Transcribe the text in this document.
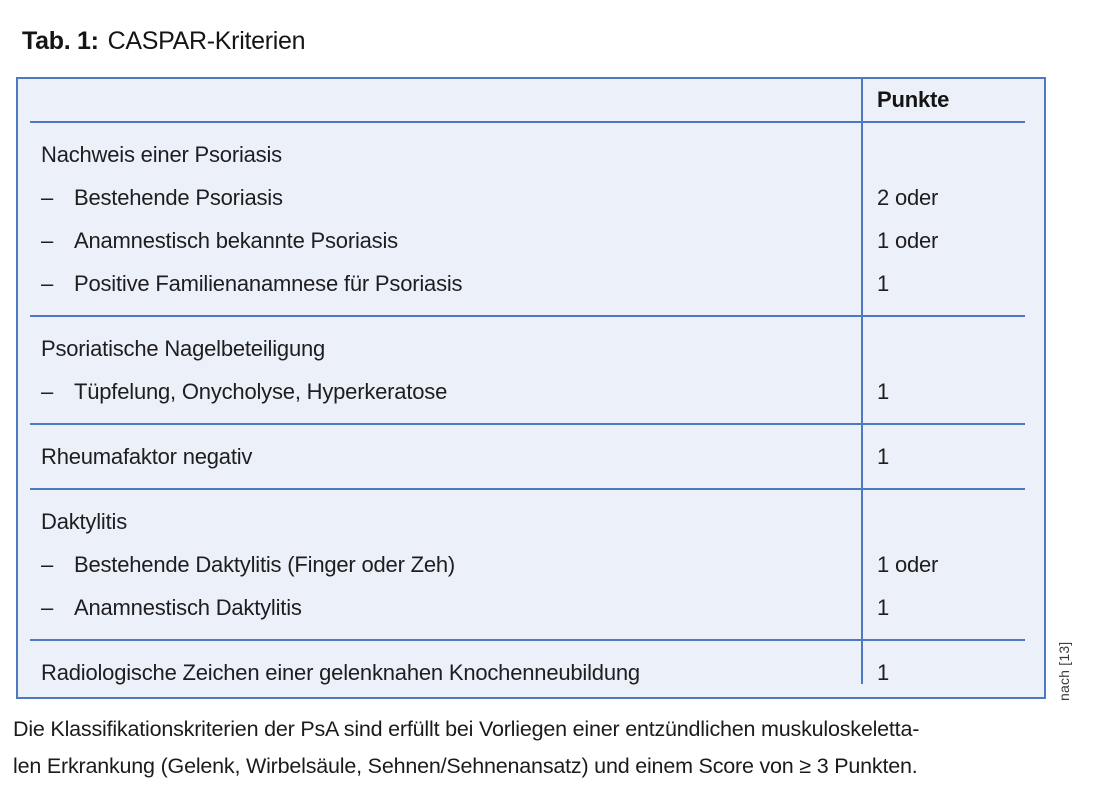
Tab. 1: CASPAR-Kriterien
Punkte
Nachweis einer Psoriasis
– Bestehende Psoriasis	2 oder
– Anamnestisch bekannte Psoriasis	1 oder
– Positive Familienanamnese für Psoriasis	1
Psoriatische Nagelbeteiligung
– Tüpfelung, Onycholyse, Hyperkeratose	1
Rheumafaktor negativ	1
Daktylitis
– Bestehende Daktylitis (Finger oder Zeh)	1 oder
– Anamnestisch Daktylitis	1
Radiologische Zeichen einer gelenknahen Knochenneubildung	1	nach [13]
Die Klassifikationskriterien der PsA sind erfüllt bei Vorliegen einer entzündlichen muskuloskeletta-
len Erkrankung (Gelenk, Wirbelsäule, Sehnen/Sehnenansatz) und einem Score von ≥ 3 Punkten.
